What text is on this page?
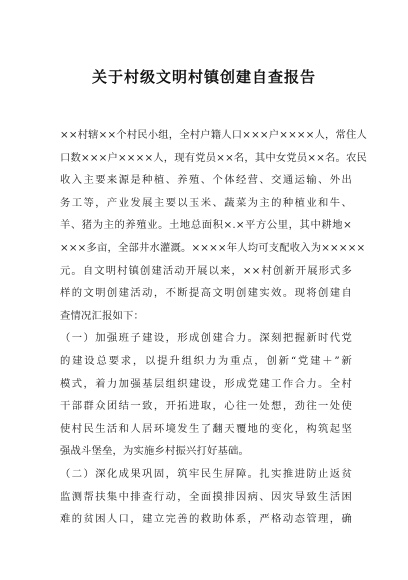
关于村级文明村镇创建自查报告
××村辖××个村民小组，全村户籍人口×××户××××人，常住人
口数×××户××××人，现有党员××名，其中女党员××名。农民
收入主要来源是种植、养殖、个体经营、交通运输、外出
务工等，产业发展主要以玉米、蔬菜为主的种植业和牛、
羊、猪为主的养殖业。土地总面积×.×平方公里，其中耕地×
×××多亩，全部井水灌溉。××××年人均可支配收入为×××××
元。自文明村镇创建活动开展以来，××村创新开展形式多
样的文明创建活动，不断提高文明创建实效。现将创建自
查情况汇报如下：
（一）加强班子建设，形成创建合力。深刻把握新时代党
的建设总要求，以提升组织力为重点，创新“党建＋”新
模式，着力加强基层组织建设，形成党建工作合力。全村
干部群众团结一致，开拓进取，心往一处想，劲往一处使
使村民生活和人居环境发生了翻天覆地的变化，构筑起坚
强战斗堡垒，为实施乡村振兴打好基础。
（二）深化成果巩固，筑牢民生屏障。扎实推进防止返贫
监测帮扶集中排查行动，全面摸排因病、因灾导致生活困
难的贫困人口，建立完善的救助体系，严格动态管理，确
